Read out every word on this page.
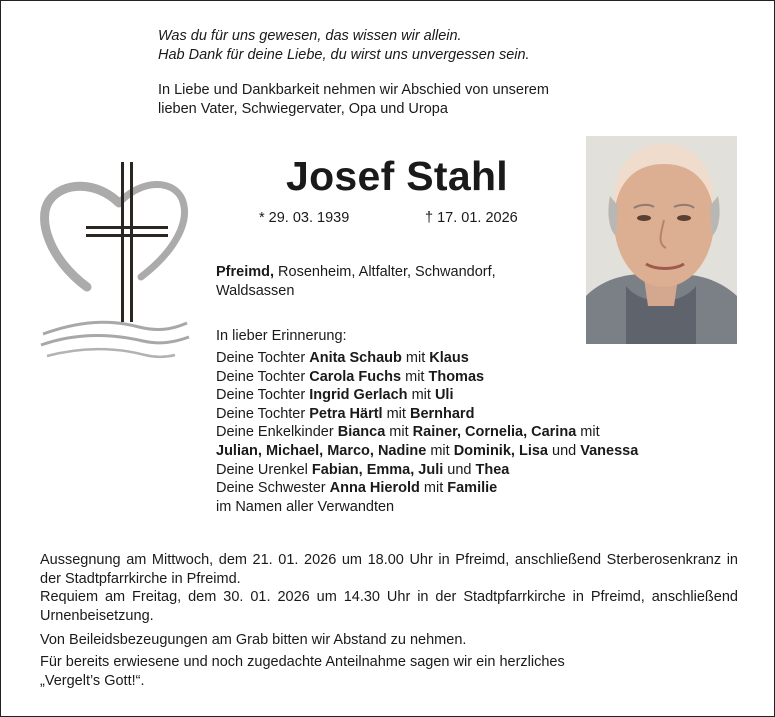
Was du für uns gewesen, das wissen wir allein.
Hab Dank für deine Liebe, du wirst uns unvergessen sein.

In Liebe und Dankbarkeit nehmen wir Abschied von unserem
lieben Vater, Schwiegervater, Opa und Uropa

Josef Stahl
* 29. 03. 1939	† 17. 01. 2026

Pfreimd, Rosenheim, Altfalter, Schwandorf,
Waldsassen

In lieber Erinnerung:

Deine Tochter Anita Schaub mit Klaus
Deine Tochter Carola Fuchs mit Thomas
Deine Tochter Ingrid Gerlach mit Uli
Deine Tochter Petra Härtl mit Bernhard
Deine Enkelkinder Bianca mit Rainer, Cornelia, Carina mit
Julian, Michael, Marco, Nadine mit Dominik, Lisa und Vanessa
Deine Urenkel Fabian, Emma, Juli und Thea
Deine Schwester Anna Hierold mit Familie
im Namen aller Verwandten

Aussegnung am Mittwoch, dem 21. 01. 2026 um 18.00 Uhr in Pfreimd, anschließend Sterberosenkranz in der Stadtpfarrkirche in Pfreimd.

Requiem am Freitag, dem 30. 01. 2026 um 14.30 Uhr in der Stadtpfarrkirche in Pfreimd, anschließend Urnenbeisetzung.

Von Beileidsbezeugungen am Grab bitten wir Abstand zu nehmen.

Für bereits erwiesene und noch zugedachte Anteilnahme sagen wir ein herzliches
„Vergelt’s Gott!“.
